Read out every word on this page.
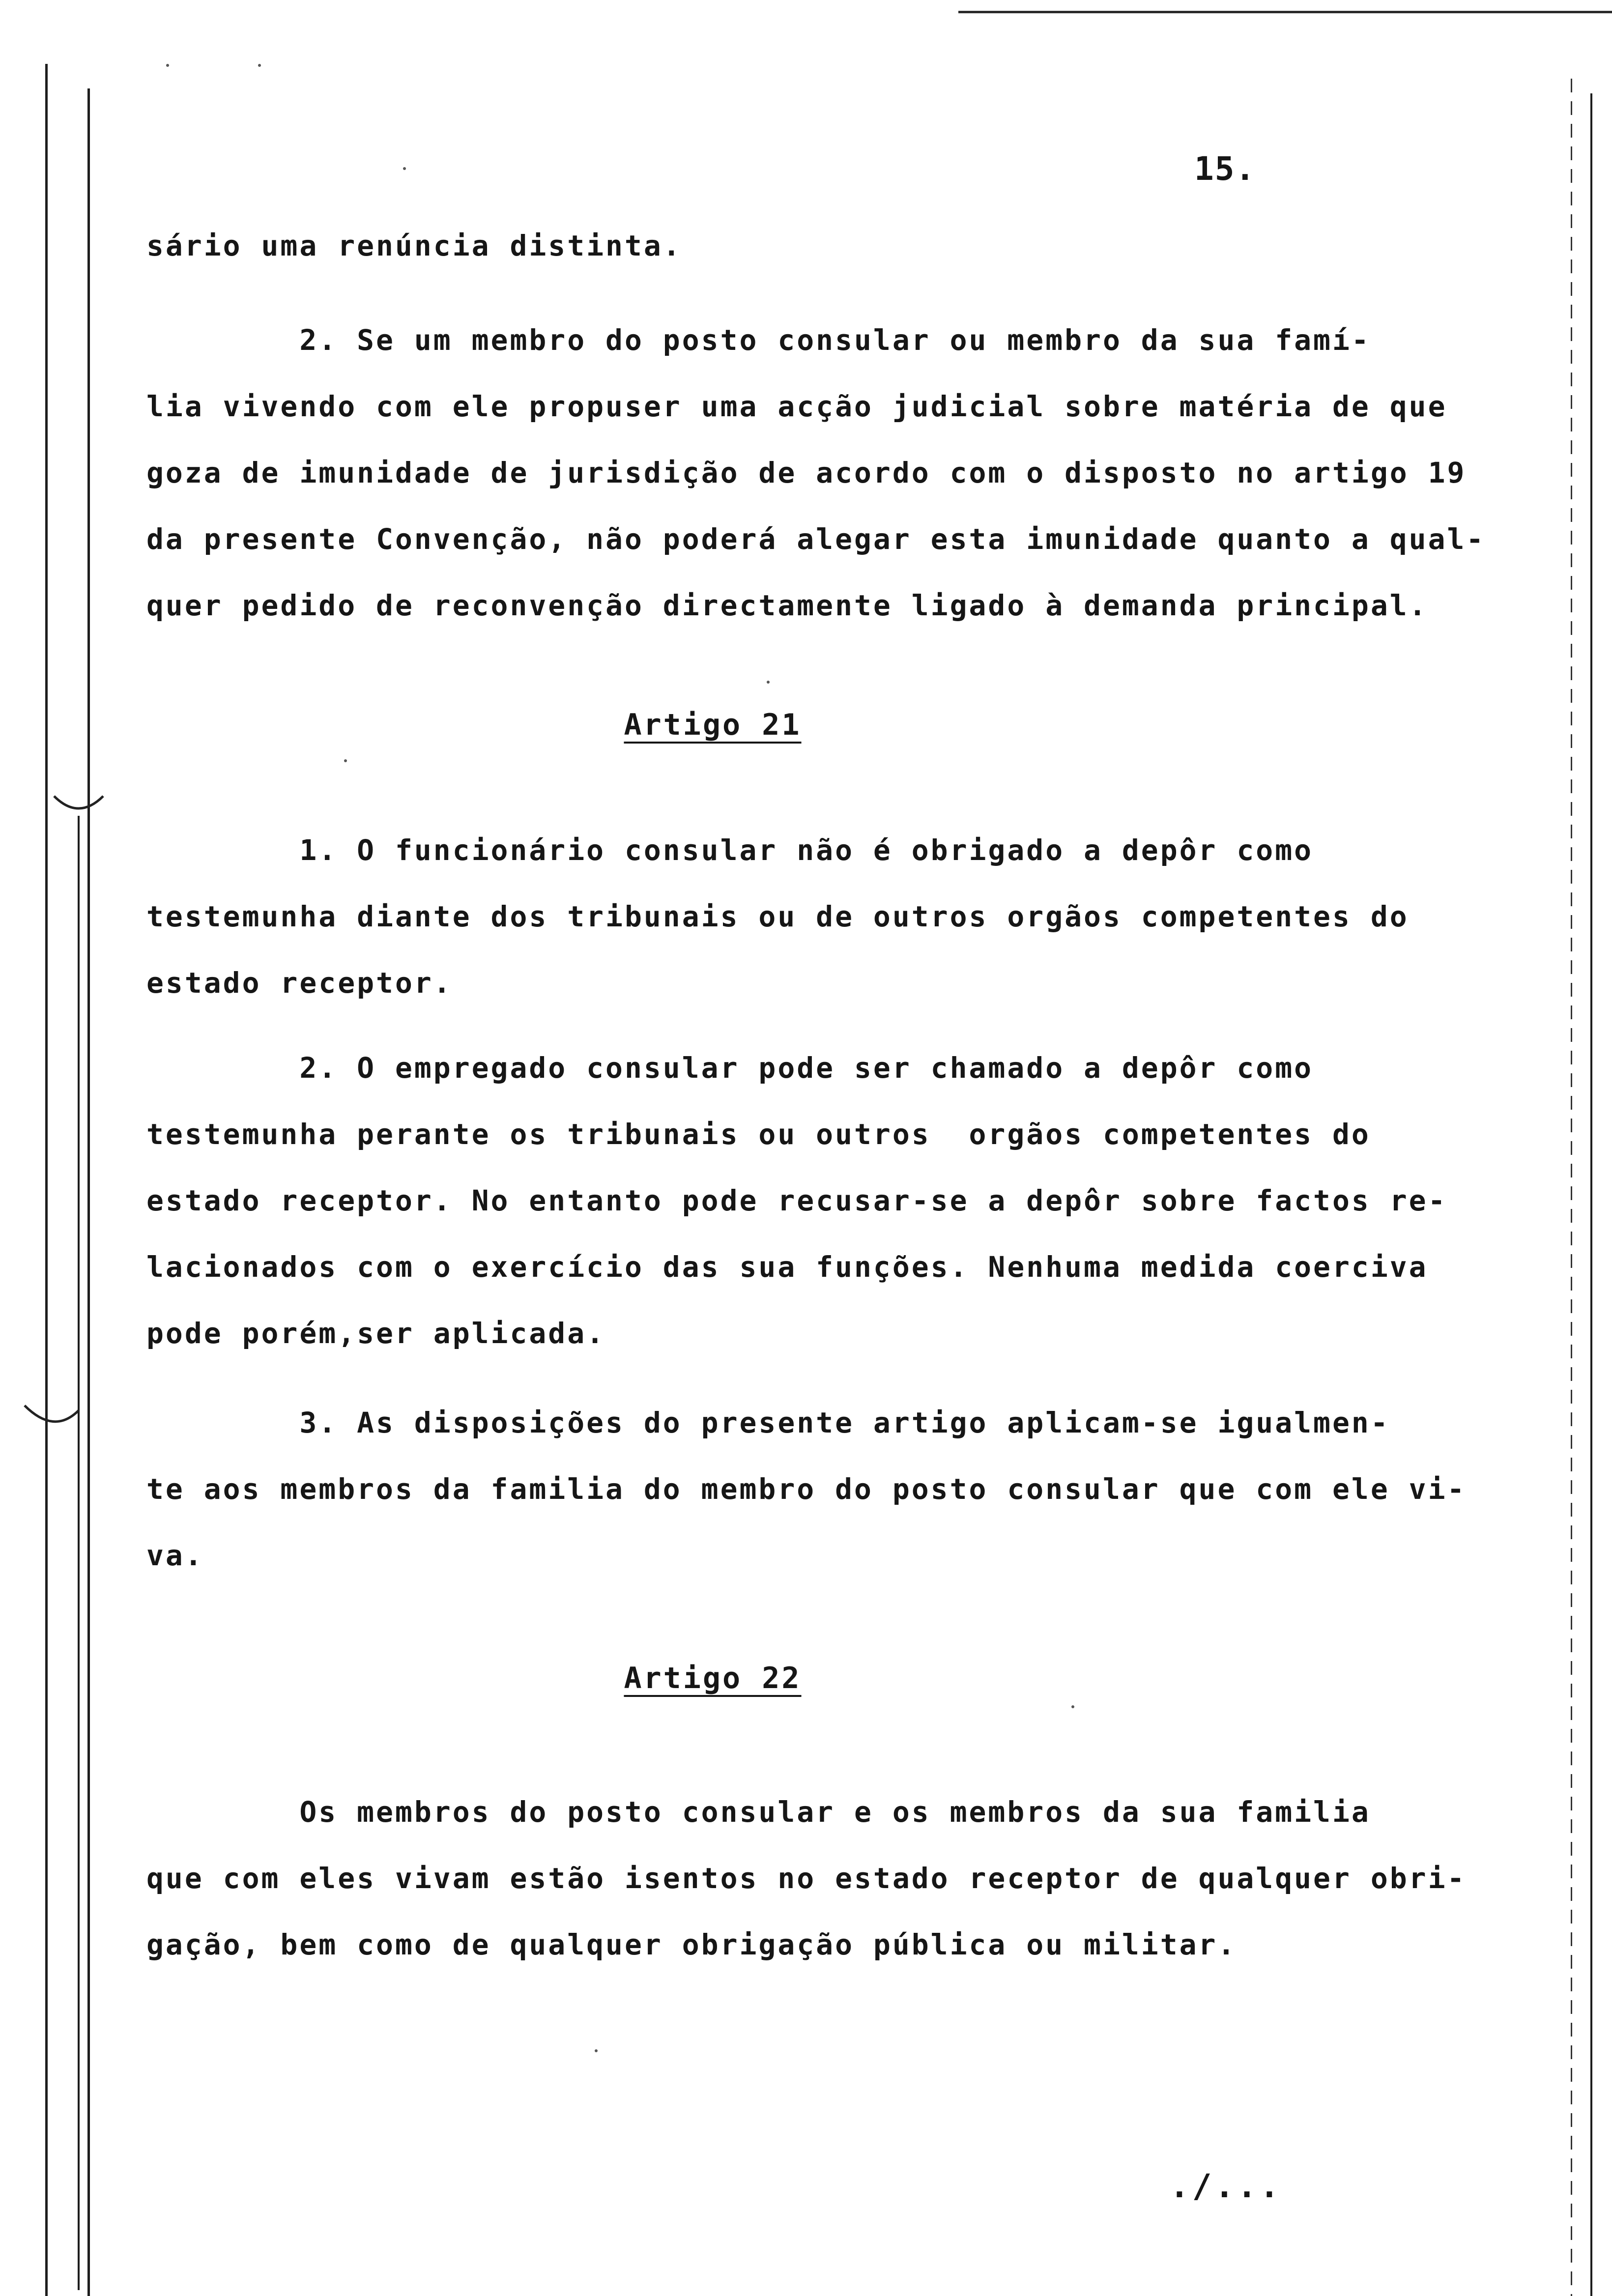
15.
sário uma renúncia distinta.
2. Se um membro do posto consular ou membro da sua famí-
lia vivendo com ele propuser uma acção judicial sobre matéria de que
goza de imunidade de jurisdição de acordo com o disposto no artigo 19
da presente Convenção, não poderá alegar esta imunidade quanto a qual-
quer pedido de reconvenção directamente ligado à demanda principal.
Artigo 21
1. O funcionário consular não é obrigado a depôr como
testemunha diante dos tribunais ou de outros orgãos competentes do
estado receptor.
2. O empregado consular pode ser chamado a depôr como
testemunha perante os tribunais ou outros  orgãos competentes do
estado receptor. No entanto pode recusar-se a depôr sobre factos re-
lacionados com o exercício das sua funções. Nenhuma medida coerciva
pode porém,ser aplicada.
3. As disposições do presente artigo aplicam-se igualmen-
te aos membros da familia do membro do posto consular que com ele vi-
va.
Artigo 22
Os membros do posto consular e os membros da sua familia
que com eles vivam estão isentos no estado receptor de qualquer obri-
gação, bem como de qualquer obrigação pública ou militar.
./...
